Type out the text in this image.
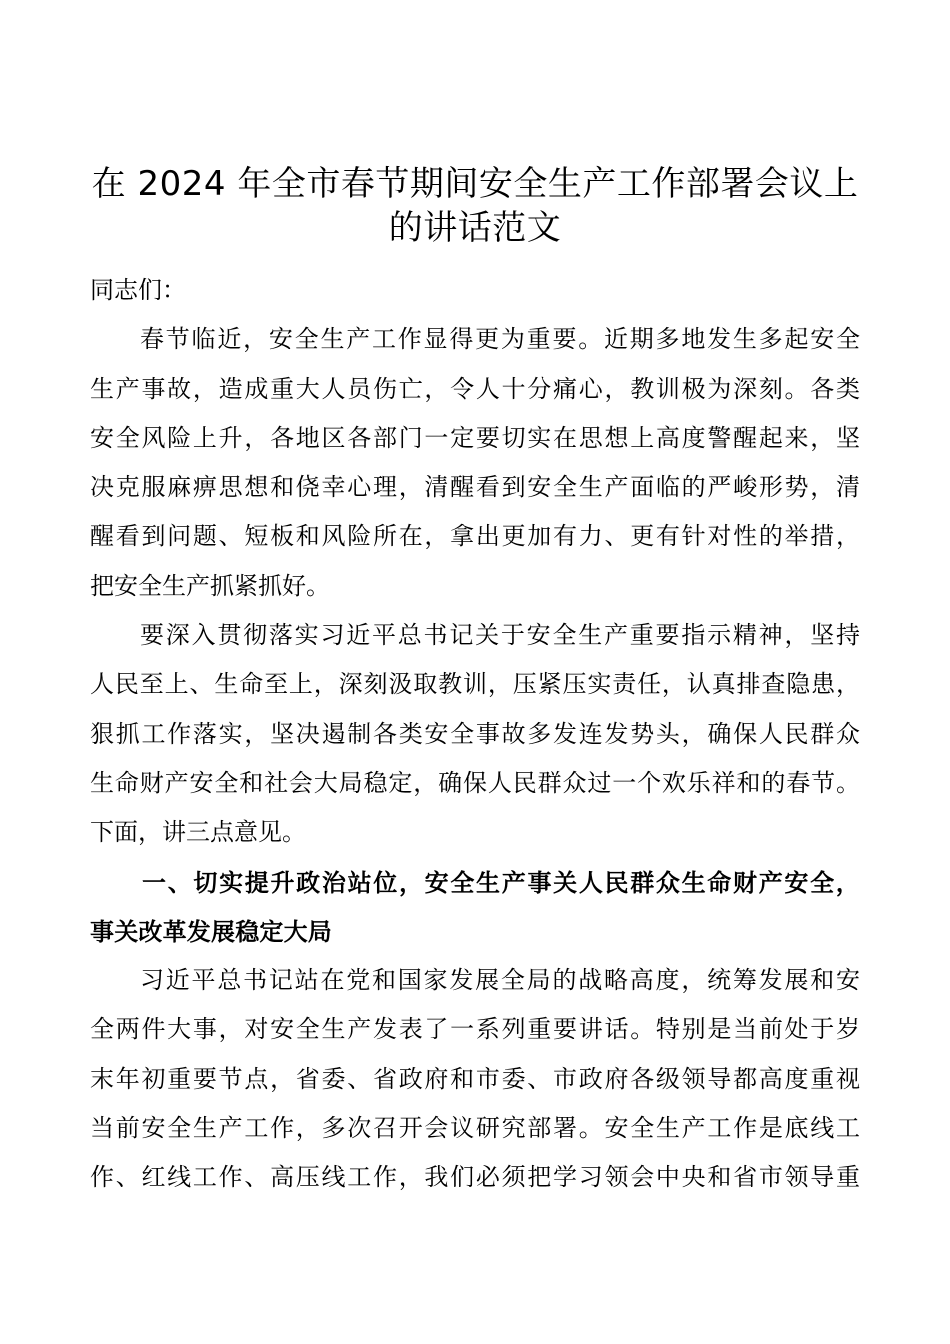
在 2024 年全市春节期间安全生产工作部署会议上
的讲话范文
同志们：
春节临近，安全生产工作显得更为重要。近期多地发生多起安全
生产事故，造成重大人员伤亡，令人十分痛心，教训极为深刻。各类
安全风险上升，各地区各部门一定要切实在思想上高度警醒起来，坚
决克服麻痹思想和侥幸心理，清醒看到安全生产面临的严峻形势，清
醒看到问题、短板和风险所在，拿出更加有力、更有针对性的举措，
把安全生产抓紧抓好。
要深入贯彻落实习近平总书记关于安全生产重要指示精神，坚持
人民至上、生命至上，深刻汲取教训，压紧压实责任，认真排查隐患，
狠抓工作落实，坚决遏制各类安全事故多发连发势头，确保人民群众
生命财产安全和社会大局稳定，确保人民群众过一个欢乐祥和的春节。
下面，讲三点意见。
一、切实提升政治站位，安全生产事关人民群众生命财产安全，
事关改革发展稳定大局
习近平总书记站在党和国家发展全局的战略高度，统筹发展和安
全两件大事，对安全生产发表了一系列重要讲话。特别是当前处于岁
末年初重要节点，省委、省政府和市委、市政府各级领导都高度重视
当前安全生产工作，多次召开会议研究部署。安全生产工作是底线工
作、红线工作、高压线工作，我们必须把学习领会中央和省市领导重
